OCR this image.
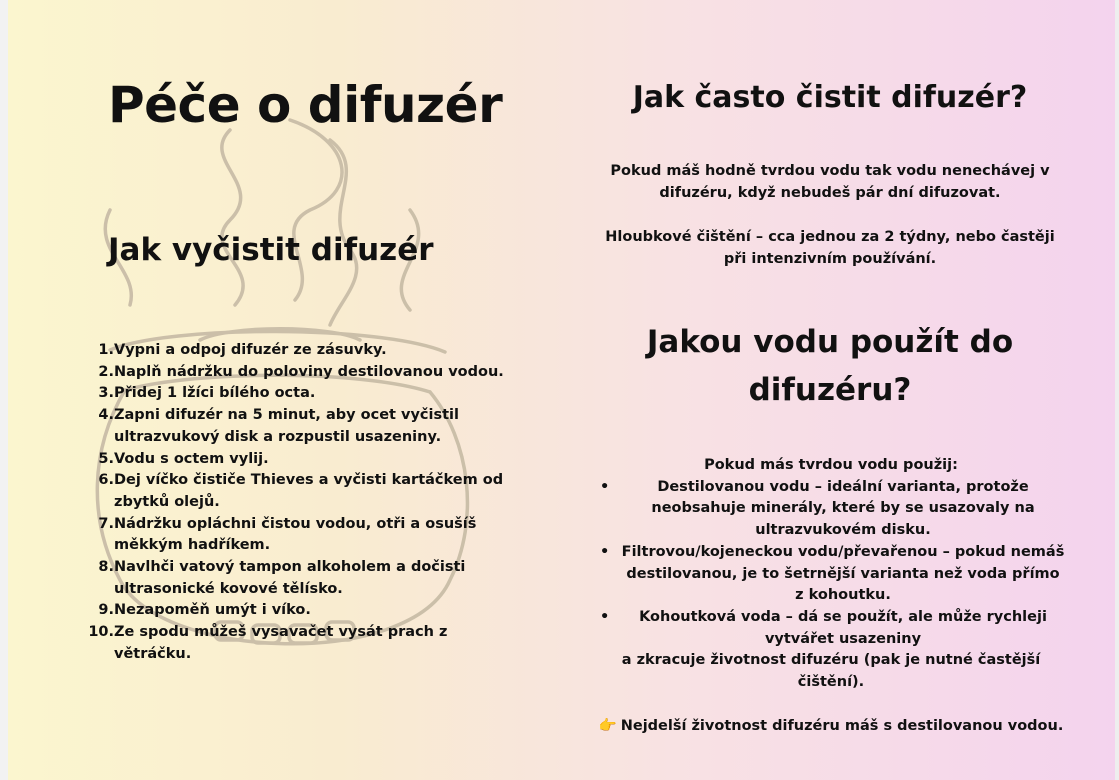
Péče o difuzér
Jak vyčistit difuzér
1. Vypni a odpoj difuzér ze zásuvky.
2. Naplň nádržku do poloviny destilovanou vodou.
3. Přidej 1 lžíci bílého octa.
4. Zapni difuzér na 5 minut, aby ocet vyčistil ultrazvukový disk a rozpustil usazeniny.
5. Vodu s octem vylij.
6. Dej víčko čističe Thieves a vyčisti kartáčkem od zbytků olejů.
7. Nádržku opláchni čistou vodou, otři a osušíš měkkým hadříkem.
8. Navlhči vatový tampon alkoholem a dočisti ultrasonické kovové tělísko.
9. Nezapoměň umýt i víko.
10. Ze spodu můžeš vysavačet vysát prach z větráčku.
Jak často čistit difuzér?

Pokud máš hodně tvrdou vodu tak vodu nenechávej v difuzéru, když nebudeš pár dní difuzovat.

Hloubkové čištění – cca jednou za 2 týdny, nebo častěji při intenzivním používání.

Jakou vodu použít do difuzéru?

Pokud más tvrdou vodu použij:

•	Destilovanou vodu – ideální varianta, protože neobsahuje minerály, které by se usazovaly na ultrazvukovém disku.
• Filtrovou/kojeneckou vodu/převařenou – pokud nemáš destilovanou, je to šetrnější varianta než voda přímo z kohoutku.
•	Kohoutková voda – dá se použít, ale může rychleji vytvářet usazeniny

a zkracuje životnost difuzéru (pak je nutné častější čištění).

👉 Nejdelší životnost difuzéru máš s destilovanou vodou.
